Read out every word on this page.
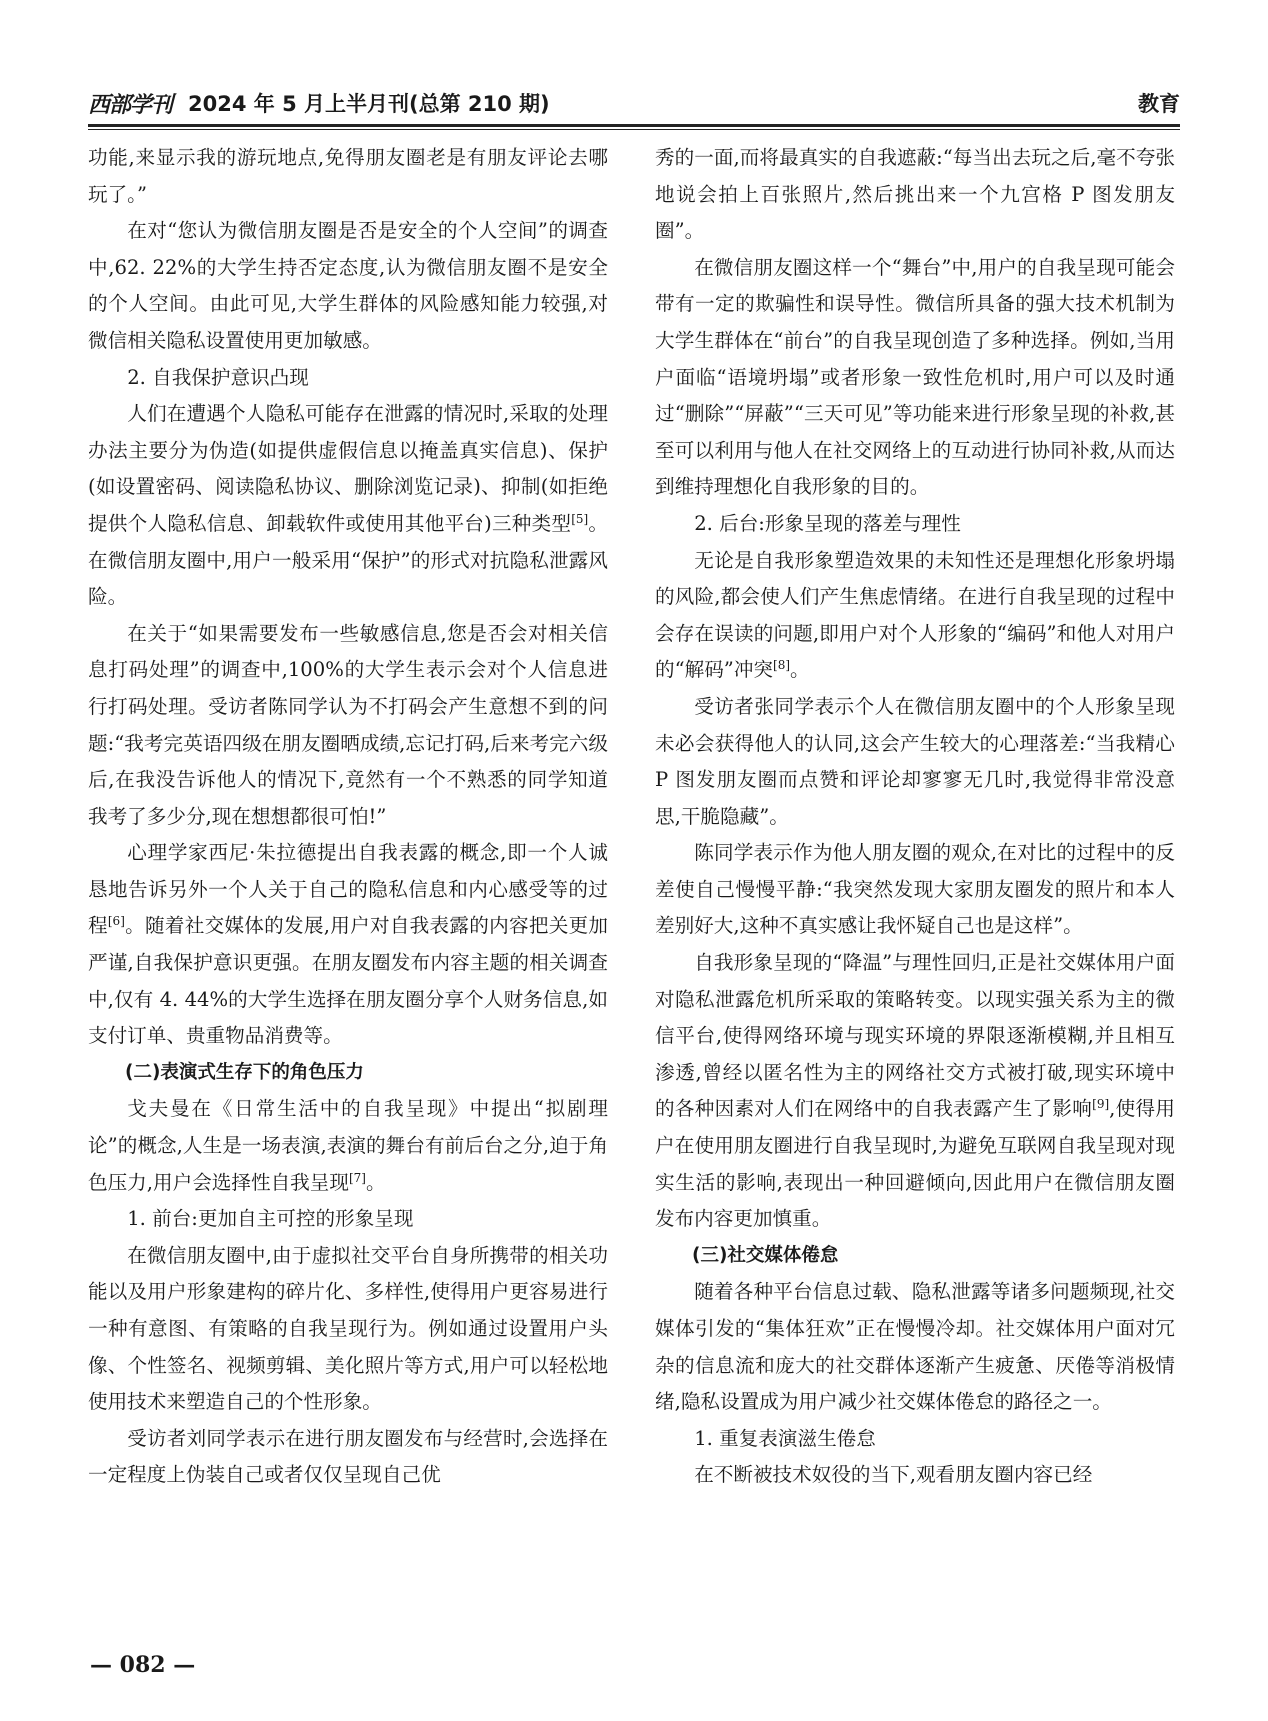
西部学刊 2024 年 5 月上半月刊(总第 210 期)	教育

功能,来显示我的游玩地点,免得朋友圈老是有朋友评论去哪玩了。”

在对“您认为微信朋友圈是否是安全的个人空间”的调查中,62. 22%的大学生持否定态度,认为微信朋友圈不是安全的个人空间。由此可见,大学生群体的风险感知能力较强,对微信相关隐私设置使用更加敏感。

2. 自我保护意识凸现

人们在遭遇个人隐私可能存在泄露的情况时,采取的处理办法主要分为伪造(如提供虚假信息以掩盖真实信息)、保护(如设置密码、阅读隐私协议、删除浏览记录)、抑制(如拒绝提供个人隐私信息、卸载软件或使用其他平台)三种类型[5]。在微信朋友圈中,用户一般采用“保护”的形式对抗隐私泄露风险。

在关于“如果需要发布一些敏感信息,您是否会对相关信息打码处理”的调查中,100%的大学生表示会对个人信息进行打码处理。受访者陈同学认为不打码会产生意想不到的问题:“我考完英语四级在朋友圈晒成绩,忘记打码,后来考完六级后,在我没告诉他人的情况下,竟然有一个不熟悉的同学知道我考了多少分,现在想想都很可怕!”

心理学家西尼·朱拉德提出自我表露的概念,即一个人诚恳地告诉另外一个人关于自己的隐私信息和内心感受等的过程[6]。随着社交媒体的发展,用户对自我表露的内容把关更加严谨,自我保护意识更强。在朋友圈发布内容主题的相关调查中,仅有 4. 44%的大学生选择在朋友圈分享个人财务信息,如支付订单、贵重物品消费等。

(二)表演式生存下的角色压力

戈夫曼在《日常生活中的自我呈现》中提出“拟剧理论”的概念,人生是一场表演,表演的舞台有前后台之分,迫于角色压力,用户会选择性自我呈现[7]。

1. 前台:更加自主可控的形象呈现

在微信朋友圈中,由于虚拟社交平台自身所携带的相关功能以及用户形象建构的碎片化、多样性,使得用户更容易进行一种有意图、有策略的自我呈现行为。例如通过设置用户头像、个性签名、视频剪辑、美化照片等方式,用户可以轻松地使用技术来塑造自己的个性形象。

受访者刘同学表示在进行朋友圈发布与经营时,会选择在一定程度上伪装自己或者仅仅呈现自己优

秀的一面,而将最真实的自我遮蔽:“每当出去玩之后,毫不夸张地说会拍上百张照片,然后挑出来一个九宫格 P 图发朋友圈”。

在微信朋友圈这样一个“舞台”中,用户的自我呈现可能会带有一定的欺骗性和误导性。微信所具备的强大技术机制为大学生群体在“前台”的自我呈现创造了多种选择。例如,当用户面临“语境坍塌”或者形象一致性危机时,用户可以及时通过“删除”“屏蔽”“三天可见”等功能来进行形象呈现的补救,甚至可以利用与他人在社交网络上的互动进行协同补救,从而达到维持理想化自我形象的目的。

2. 后台:形象呈现的落差与理性

无论是自我形象塑造效果的未知性还是理想化形象坍塌的风险,都会使人们产生焦虑情绪。在进行自我呈现的过程中会存在误读的问题,即用户对个人形象的“编码”和他人对用户的“解码”冲突[8]。

受访者张同学表示个人在微信朋友圈中的个人形象呈现未必会获得他人的认同,这会产生较大的心理落差:“当我精心 P 图发朋友圈而点赞和评论却寥寥无几时,我觉得非常没意思,干脆隐藏”。

陈同学表示作为他人朋友圈的观众,在对比的过程中的反差使自己慢慢平静:“我突然发现大家朋友圈发的照片和本人差别好大,这种不真实感让我怀疑自己也是这样”。

自我形象呈现的“降温”与理性回归,正是社交媒体用户面对隐私泄露危机所采取的策略转变。以现实强关系为主的微信平台,使得网络环境与现实环境的界限逐渐模糊,并且相互渗透,曾经以匿名性为主的网络社交方式被打破,现实环境中的各种因素对人们在网络中的自我表露产生了影响[9],使得用户在使用朋友圈进行自我呈现时,为避免互联网自我呈现对现实生活的影响,表现出一种回避倾向,因此用户在微信朋友圈发布内容更加慎重。

(三)社交媒体倦怠

随着各种平台信息过载、隐私泄露等诸多问题频现,社交媒体引发的“集体狂欢”正在慢慢冷却。社交媒体用户面对冗杂的信息流和庞大的社交群体逐渐产生疲惫、厌倦等消极情绪,隐私设置成为用户减少社交媒体倦怠的路径之一。

1. 重复表演滋生倦怠

在不断被技术奴役的当下,观看朋友圈内容已经

— 082 —
